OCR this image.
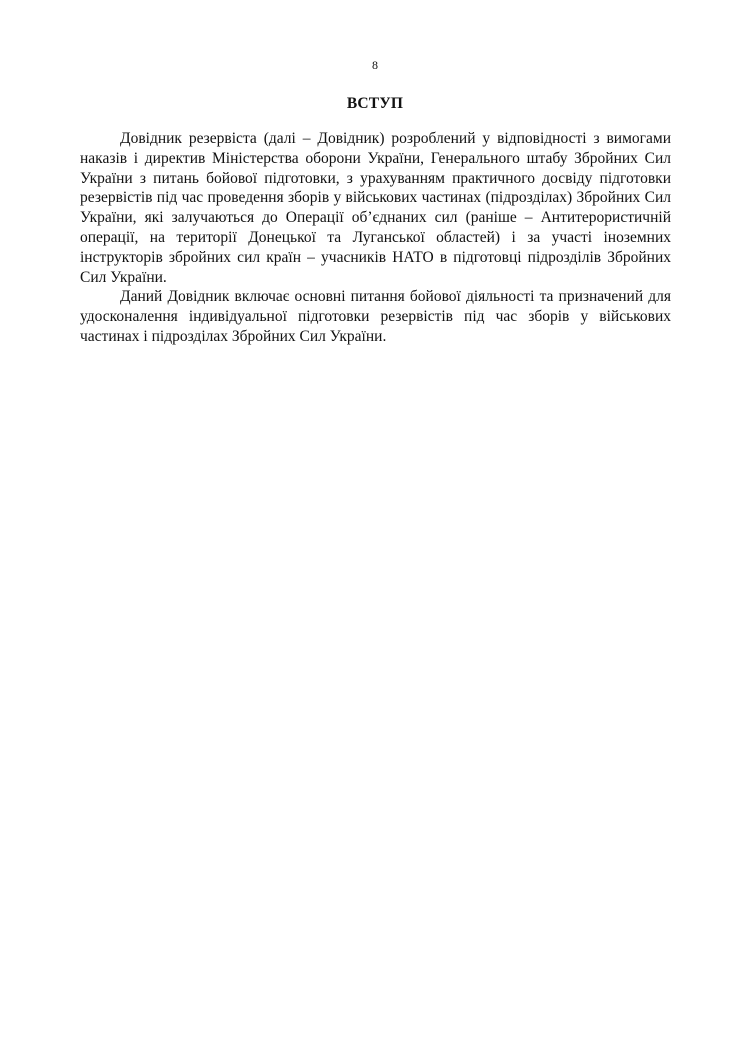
8
ВСТУП

Довідник резервіста (далі – Довідник) розроблений у відповідності з вимогами наказів і директив Міністерства оборони України, Генерального штабу Збройних Сил України з питань бойової підготовки, з урахуванням практичного досвіду підготовки резервістів під час проведення зборів у військових частинах (підрозділах) Збройних Сил України, які залучаються до Операції об’єднаних сил (раніше – Антитерористичній операції, на території Донецької та Луганської областей) і за участі іноземних інструкторів збройних сил країн – учасників НАТО в підготовці підрозділів Збройних Сил України.

Даний Довідник включає основні питання бойової діяльності та призначений для удосконалення індивідуальної підготовки резервістів під час зборів у військових частинах і підрозділах Збройних Сил України.
